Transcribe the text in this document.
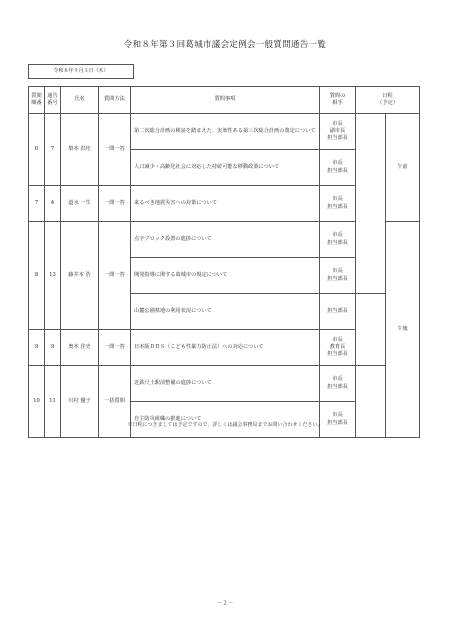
令和８年第３回葛城市議会定例会一般質問通告一覧
令和８年９月３日（木）
質問
順番	通告
番号	氏名	質問方法	質問事項	質問の
相手	日程
（予定）		
6	7	梨本 洪珪	一問一答	第二次総合計画の検証を踏まえた、実効性ある第三次総合計画の策定について	市長
副市長
担当部長		午前	
				人口減少・高齢化社会に対応した持続可能な移動政策について	市長
担当部長			
7	4	道水 一生	一問一答	来るべき地震災害への対策について	市長
担当部長			
8	13	藤井本 浩	一問一答	点字ブロック設置の進捗について	市長
担当部長		午後	
				開発指導に関する葛城市の規定について	市長
担当部長	

				山麓公園墓地の利用状況について	担当部長			
9	9	奥本 佳史	一問一答	日本版ＤＢＳ（こども性暴力防止法）への対応について	市長
教育長
担当部長			
10	11	川村 優子	一括質問	近鉄尺土駅前整備の進捗について	市長
担当部長			
				自主防災組織の推進について	市長
担当部長			
※日程につきましては予定ですので、詳しくは議会事務局までお問い合わせください。
－２－
